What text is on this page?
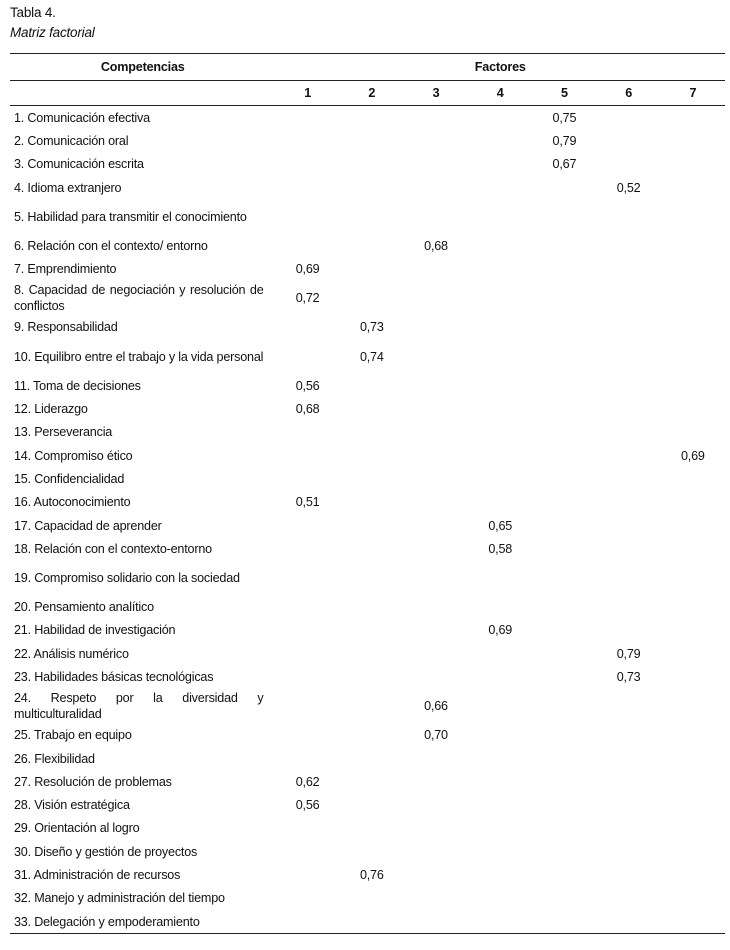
Tabla 4.
Matriz factorial
Competencias	Factores						
	1	2	3	4	5	6	7
1. Comunicación efectiva					0,75		
2. Comunicación oral					0,79		
3. Comunicación escrita					0,67		
4. Idioma extranjero						0,52	
5. Habilidad para transmitir el conocimiento							
6. Relación con el contexto/ entorno			0,68				
7. Emprendimiento	0,69						
8. Capacidad de negociación y resolución de conflictos	0,72						
9. Responsabilidad		0,73					
10. Equilibro entre el trabajo y la vida personal		0,74					
11. Toma de decisiones	0,56						
12. Liderazgo	0,68						
13. Perseverancia							
14. Compromiso ético							0,69
15. Confidencialidad							
16. Autoconocimiento	0,51						
17. Capacidad de aprender				0,65			
18. Relación con el contexto-entorno				0,58			
19. Compromiso solidario con la sociedad							
20. Pensamiento analítico							
21. Habilidad de investigación				0,69			
22. Análisis numérico						0,79	
23. Habilidades básicas tecnológicas						0,73	
24. Respeto por la diversidad y multiculturalidad			0,66				
25. Trabajo en equipo			0,70				
26. Flexibilidad							
27. Resolución de problemas	0,62						
28. Visión estratégica	0,56						
29. Orientación al logro							
30. Diseño y gestión de proyectos							
31. Administración de recursos		0,76					
32. Manejo y administración del tiempo							
33. Delegación y empoderamiento							
